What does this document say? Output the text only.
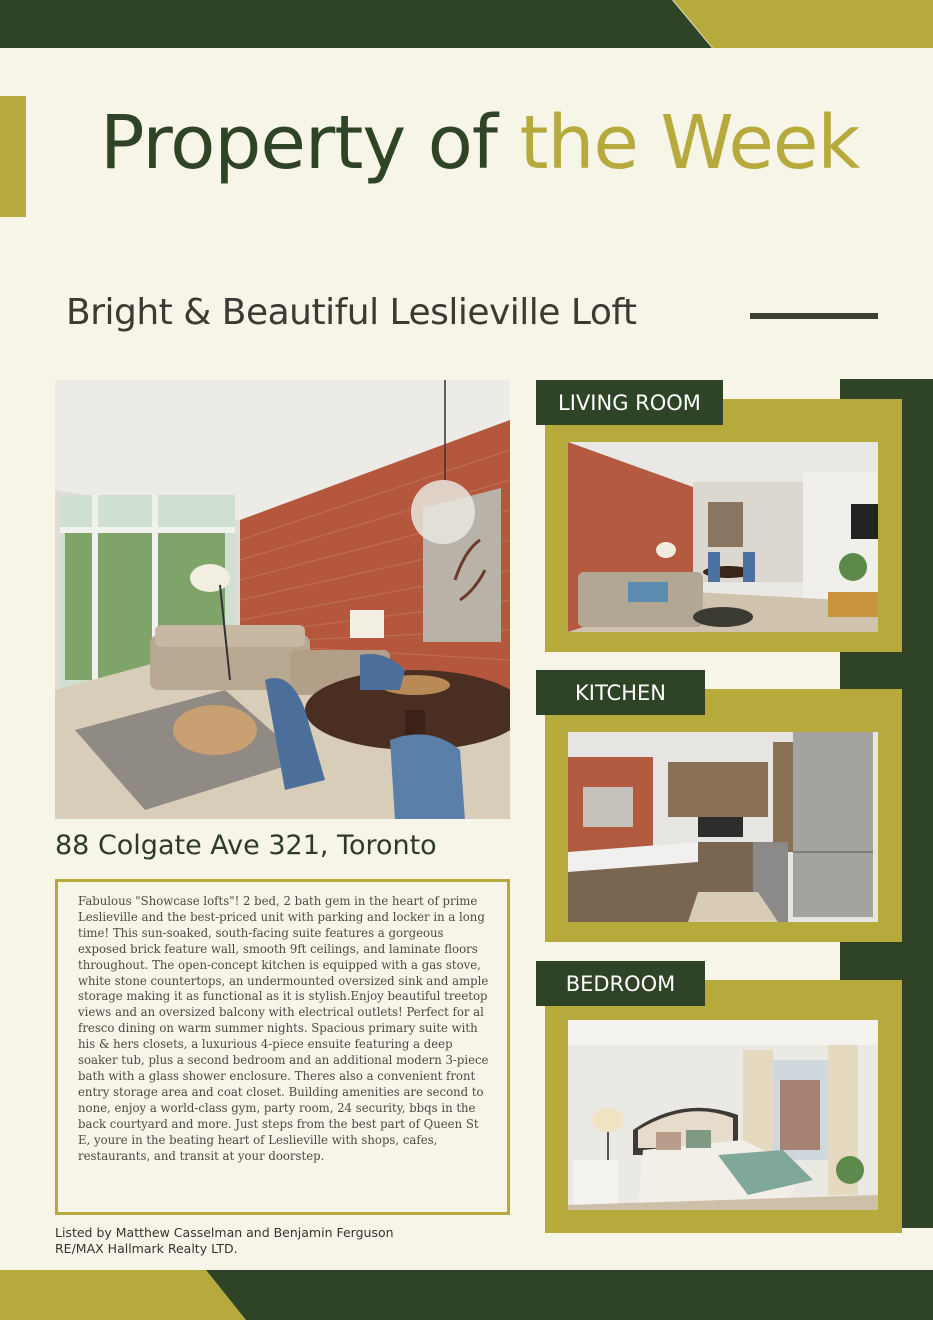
Property of the Week
Bright & Beautiful Leslieville Loft
88 Colgate Ave 321, Toronto
Fabulous "Showcase lofts"! 2 bed, 2 bath gem in the heart of prime Leslieville and the best-priced unit with parking and locker in a long time! This sun-soaked, south-facing suite features a gorgeous exposed brick feature wall, smooth 9ft ceilings, and laminate floors throughout. The open-concept kitchen is equipped with a gas stove, white stone countertops, an undermounted oversized sink and ample storage making it as functional as it is stylish.Enjoy beautiful treetop views and an oversized balcony with electrical outlets! Perfect for al fresco dining on warm summer nights. Spacious primary suite with his & hers closets, a luxurious 4-piece ensuite featuring a deep soaker tub, plus a second bedroom and an additional modern 3-piece bath with a glass shower enclosure. Theres also a convenient front entry storage area and coat closet. Building amenities are second to none, enjoy a world-class gym, party room, 24 security, bbqs in the back courtyard and more. Just steps from the best part of Queen St E, youre in the beating heart of Leslieville with shops, cafes, restaurants, and transit at your doorstep.
Listed by Matthew Casselman and Benjamin Ferguson
RE/MAX Hallmark Realty LTD.
LIVING ROOM
KITCHEN
BEDROOM
